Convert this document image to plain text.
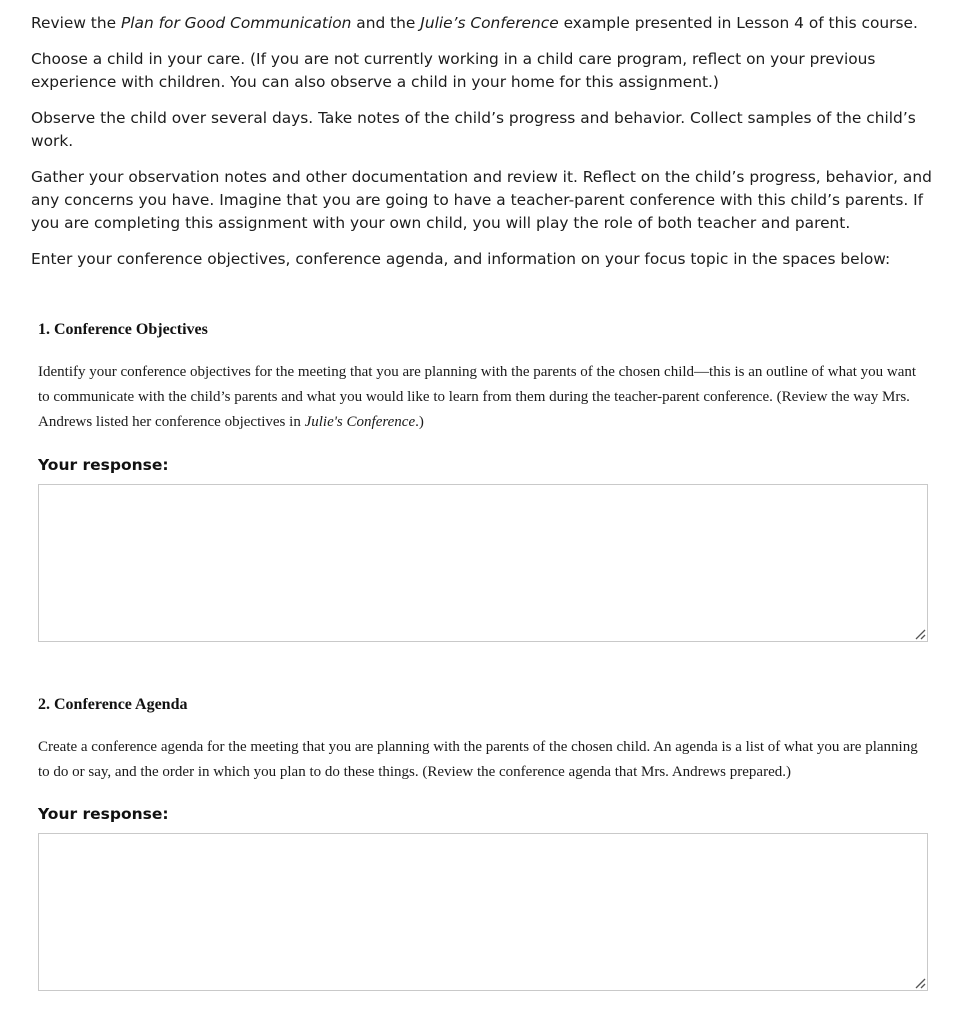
Review the Plan for Good Communication and the Julie’s Conference example presented in Lesson 4 of this course.

Choose a child in your care. (If you are not currently working in a child care program, reflect on your previous experience with children. You can also observe a child in your home for this assignment.)

Observe the child over several days. Take notes of the child’s progress and behavior. Collect samples of the child’s work.

Gather your observation notes and other documentation and review it. Reflect on the child’s progress, behavior, and any concerns you have. Imagine that you are going to have a teacher-parent conference with this child’s parents. If you are completing this assignment with your own child, you will play the role of both teacher and parent.

Enter your conference objectives, conference agenda, and information on your focus topic in the spaces below:

1. Conference Objectives

Identify your conference objectives for the meeting that you are planning with the parents of the chosen child—this is an outline of what you want to communicate with the child’s parents and what you would like to learn from them during the teacher-parent conference. (Review the way Mrs. Andrews listed her conference objectives in Julie's Conference.)

Your response:

2. Conference Agenda

Create a conference agenda for the meeting that you are planning with the parents of the chosen child. An agenda is a list of what you are planning to do or say, and the order in which you plan to do these things. (Review the conference agenda that Mrs. Andrews prepared.)

Your response:
